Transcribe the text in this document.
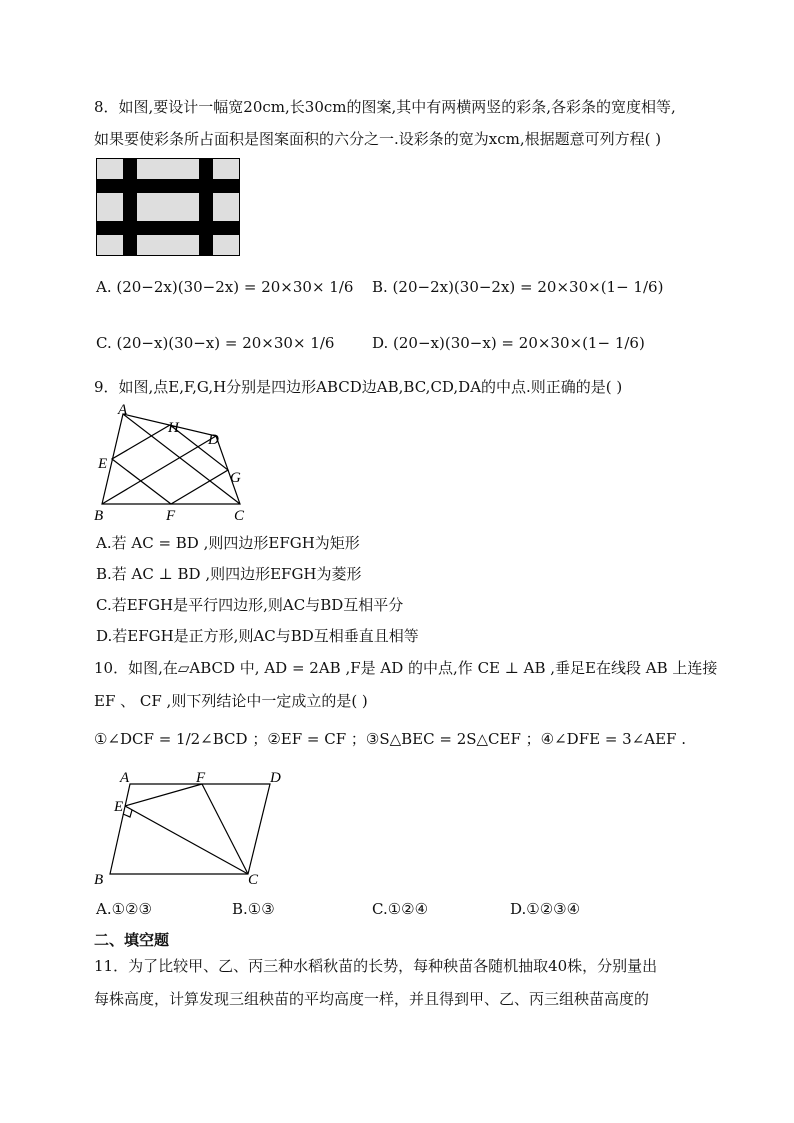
8．如图,要设计一幅宽20cm,长30cm的图案,其中有两横两竖的彩条,各彩条的宽度相等,
如果要使彩条所占面积是图案面积的六分之一.设彩条的宽为xcm,根据题意可列方程( )
A. (20−2x)(30−2x) = 20×30× 1/6 B. (20−2x)(30−2x) = 20×30×(1− 1/6)
C. (20−x)(30−x) = 20×30× 1/6	D. (20−x)(30−x) = 20×30×(1− 1/6)
9．如图,点E,F,G,H分别是四边形ABCD边AB,BC,CD,DA的中点.则正确的是( )
A
H
D
E
G
B	F	C
A.若 AC = BD ,则四边形EFGH为矩形
B.若 AC ⊥ BD ,则四边形EFGH为菱形
C.若EFGH是平行四边形,则AC与BD互相平分
D.若EFGH是正方形,则AC与BD互相垂直且相等
10．如图,在▱ABCD 中, AD = 2AB ,F是 AD 的中点,作 CE ⊥ AB ,垂足E在线段 AB 上连接
EF 、 CF ,则下列结论中一定成立的是( )
①∠DCF = 1/2∠BCD ；②EF = CF ；③S△BEC = 2S△CEF ；④∠DFE = 3∠AEF .
A	F	D
E
B	C
A.①②③	B.①③	C.①②④	D.①②③④
二、填空题
11．为了比较甲、乙、丙三种水稻秋苗的长势，每种秧苗各随机抽取40株，分别量出
每株高度，计算发现三组秧苗的平均高度一样，并且得到甲、乙、丙三组秧苗高度的
